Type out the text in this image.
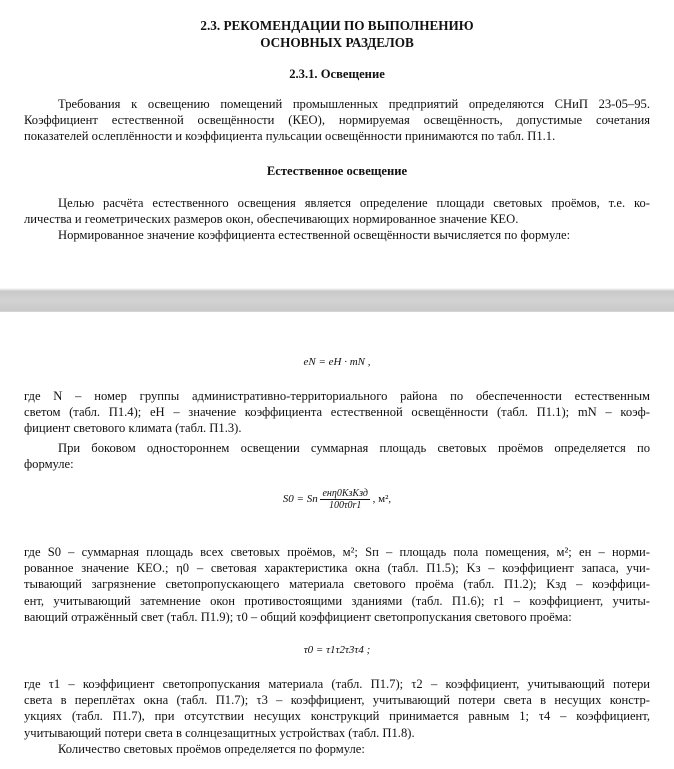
2.3. РЕКОМЕНДАЦИИ ПО ВЫПОЛНЕНИЮ
ОСНОВНЫХ РАЗДЕЛОВ
2.3.1. Освещение
Требования к освещению помещений промышленных предприятий определяются СНиП 23-05–95.
Коэффициент естественной освещённости (КЕО), нормируемая освещённость, допустимые сочетания
показателей ослеплённости и коэффициента пульсации освещённости принимаются по табл. П1.1.
Естественное освещение
Целью расчёта естественного освещения является определение площади световых проёмов, т.е. ко-
личества и геометрических размеров окон, обеспечивающих нормированное значение КЕО.
Нормированное значение коэффициента естественной освещённости вычисляется по формуле:
eN = eH · mN ,
где N – номер группы административно-территориального района по обеспеченности естественным
светом (табл. П1.4); eH – значение коэффициента естественной освещённости (табл. П1.1); mN – коэф-
фициент светового климата (табл. П1.3).
При боковом одностороннем освещении суммарная площадь световых проёмов определяется по
формуле:
S0 = Sп $\frac{\text{eнη0KзKзд}}{100\tau 0r1}$ , м²,
где S0 – суммарная площадь всех световых проёмов, м²; Sп – площадь пола помещения, м²; eн – норми-
рованное значение КЕО.; η0 – световая характеристика окна (табл. П1.5); Kз – коэффициент запаса, учи-
тывающий загрязнение светопропускающего материала светового проёма (табл. П1.2); Kзд – коэффици-
ент, учитывающий затемнение окон противостоящими зданиями (табл. П1.6); r1 – коэффициент, учиты-
вающий отражённый свет (табл. П1.9); τ0 – общий коэффициент светопропускания светового проёма:
τ0 = τ1τ2τ3τ4 ;
где τ1 – коэффициент светопропускания материала (табл. П1.7); τ2 – коэффициент, учитывающий потери
света в переплётах окна (табл. П1.7); τ3 – коэффициент, учитывающий потери света в несущих констр-
укциях (табл. П1.7), при отсутствии несущих конструкций принимается равным 1; τ4 – коэффициент,
учитывающий потери света в солнцезащитных устройствах (табл. П1.8).
Количество световых проёмов определяется по формуле:
